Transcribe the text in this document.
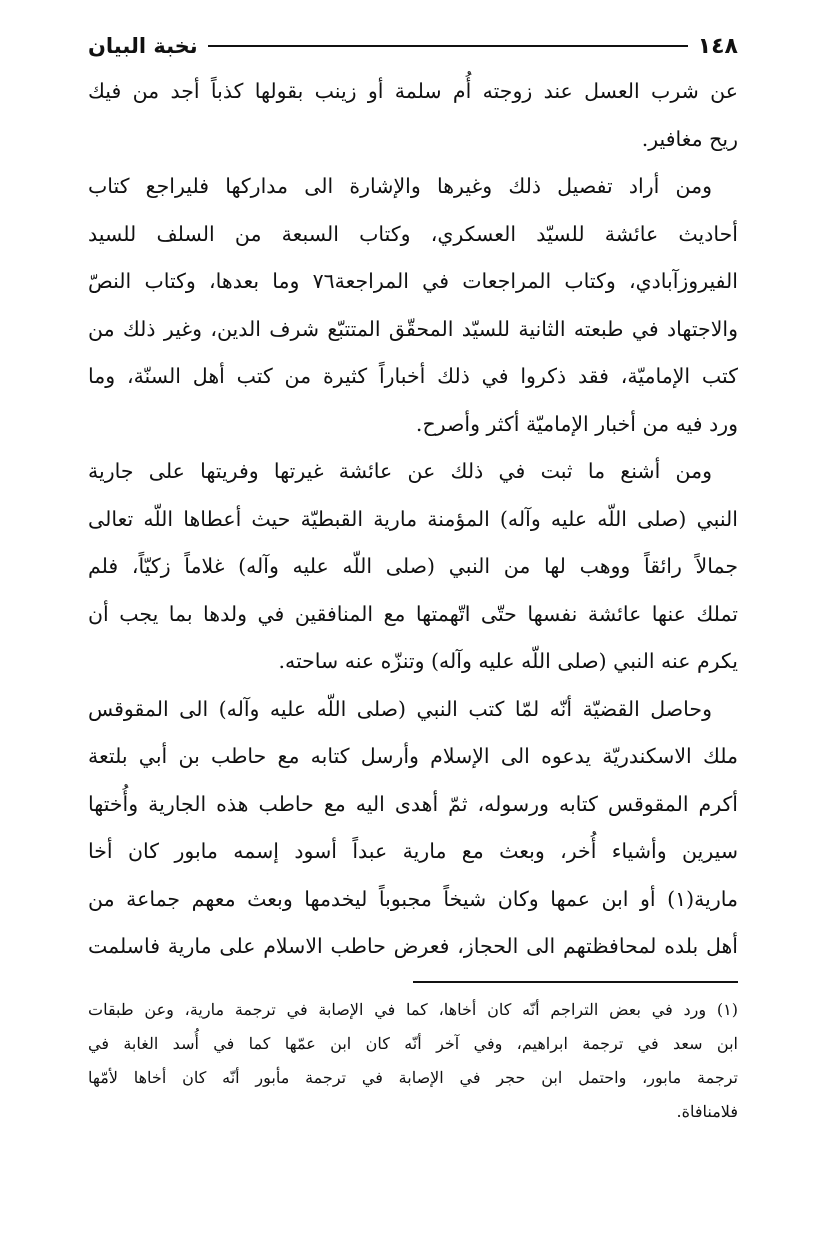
١٤٨
نخبة البيان
عن شرب العسل عند زوجته أُم سلمة أو زينب بقولها كذباً أجد من فيك
ريح مغافير.
ومن أراد تفصيل ذلك وغيرها والإشارة الى مداركها فليراجع كتاب
أحاديث عائشة للسيّد العسكري، وكتاب السبعة من السلف للسيد
الفيروزآبادي، وكتاب المراجعات في المراجعة٧٦ وما بعدها، وكتاب النصّ
والاجتهاد في طبعته الثانية للسيّد المحقّق المتتبّع شرف الدين، وغير ذلك من
كتب الإماميّة، فقد ذكروا في ذلك أخباراً كثيرة من كتب أهل السنّة، وما
ورد فيه من أخبار الإماميّة أكثر وأصرح.
ومن أشنع ما ثبت في ذلك عن عائشة غيرتها وفريتها على جارية
النبي (صلى اللّه عليه وآله) المؤمنة مارية القبطيّة حيث أعطاها اللّه تعالى
جمالاً رائقاً ووهب لها من النبي (صلى اللّه عليه وآله) غلاماً زكيّاً، فلم
تملك عنها عائشة نفسها حتّى اتّهمتها مع المنافقين في ولدها بما يجب أن
يكرم عنه النبي (صلى اللّه عليه وآله) وتنزّه عنه ساحته.
وحاصل القضيّة أنّه لمّا كتب النبي (صلى اللّه عليه وآله) الى المقوقس
ملك الاسكندريّة يدعوه الى الإسلام وأرسل كتابه مع حاطب بن أبي بلتعة
أكرم المقوقس كتابه ورسوله، ثمّ أهدى اليه مع حاطب هذه الجارية وأُختها
سيرين وأشياء أُخر، وبعث مع مارية عبداً أسود إسمه مابور كان أخا
مارية(١) أو ابن عمها وكان شيخاً مجبوباً ليخدمها وبعث معهم جماعة من
أهل بلده لمحافظتهم الى الحجاز، فعرض حاطب الاسلام على مارية فاسلمت
(١) ورد في بعض التراجم أنّه كان أخاها، كما في الإصابة في ترجمة مارية، وعن طبقات
ابن سعد في ترجمة ابراهيم، وفي آخر أنّه كان ابن عمّها كما في أُسد الغابة في
ترجمة مابور، واحتمل ابن حجر في الإصابة في ترجمة مأبور أنّه كان أخاها لأمّها
فلامنافاة.
